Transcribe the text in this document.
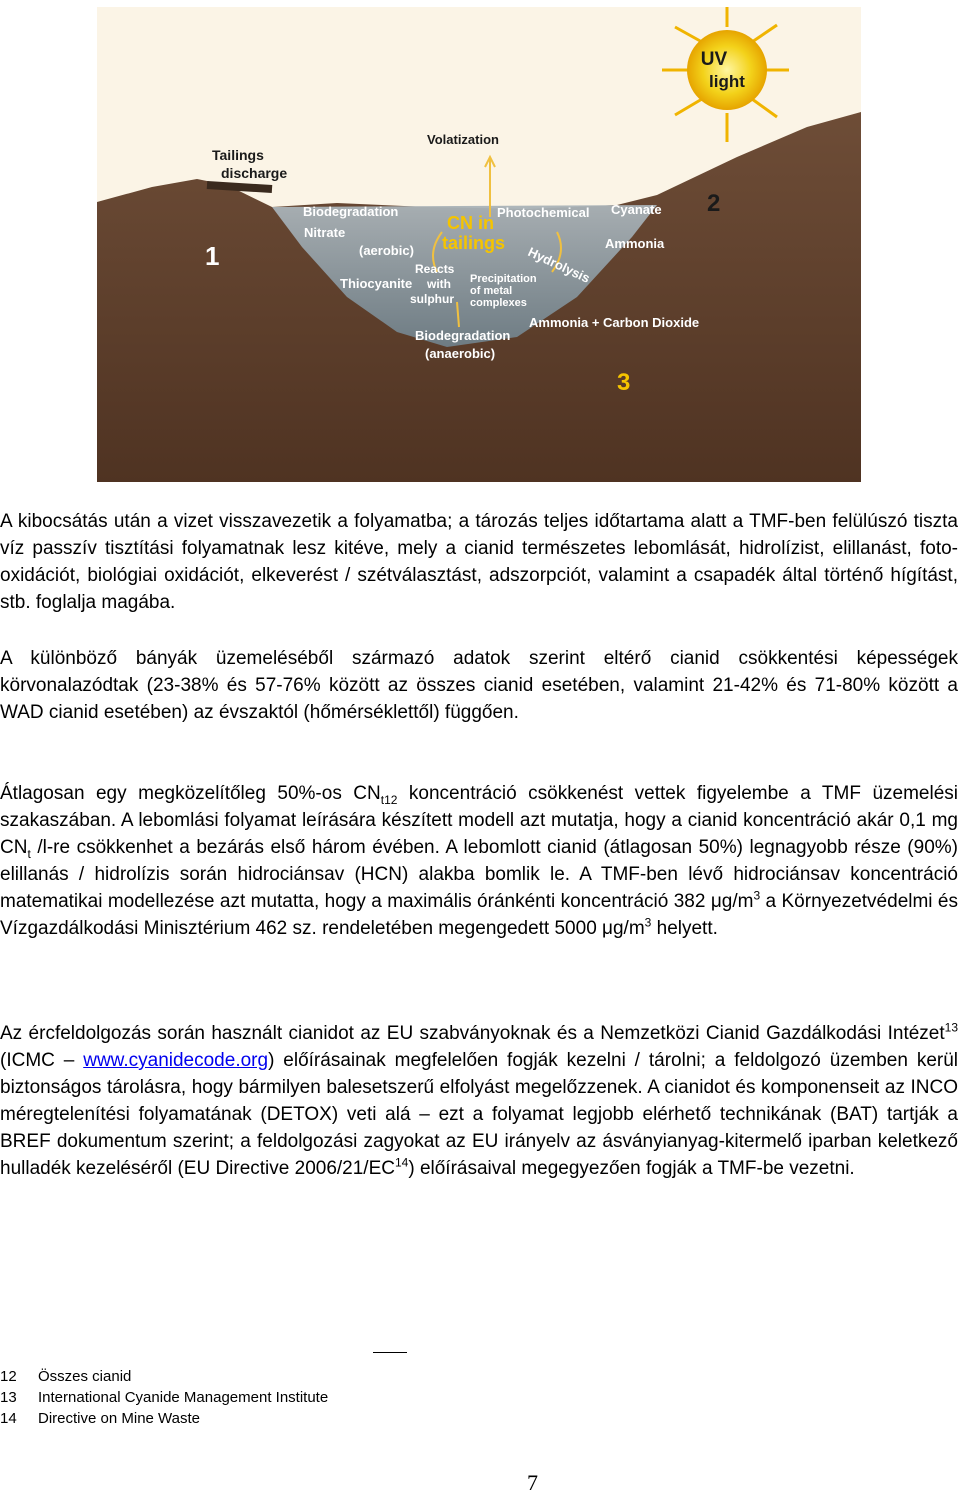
UV
light
Tailings
discharge
Volatization
Biodegradation
Nitrate
(aerobic)
Thiocyanite
Reacts
with
sulphur
CN in
tailings
Photochemical Cyanate
Ammonia
Hydrolysis
Precipitation
of metal
complexes
Ammonia + Carbon Dioxide
Biodegradation
(anaerobic)
1
2
3

A kibocsátás után a vizet visszavezetik a folyamatba; a tározás teljes időtartama alatt a TMF-ben felülúszó tiszta víz passzív tisztítási folyamatnak lesz kitéve, mely a cianid természetes lebomlását, hidrolízist, elillanást, foto-oxidációt, biológiai oxidációt, elkeverést / szétválasztást, adszorpciót, valamint a csapadék által történő hígítást, stb. foglalja magába.

A különböző bányák üzemeléséből származó adatok szerint eltérő cianid csökkentési képességek körvonalazódtak (23-38% és 57-76% között az összes cianid esetében, valamint 21-42% és 71-80% között a WAD cianid esetében) az évszaktól (hőmérséklettől) függően.

Átlagosan egy megközelítőleg 50%-os $CN_{t12}$ koncentráció csökkenést vettek figyelembe a TMF üzemelési szakaszában. A lebomlási folyamat leírására készített modell azt mutatja, hogy a cianid koncentráció akár 0,1 mg $CN_t$ /l-re csökkenhet a bezárás első három évében. A lebomlott cianid (átlagosan 50%) legnagyobb része (90%) elillanás / hidrolízis során hidrociánsav (HCN) alakba bomlik le. A TMF-ben lévő hidrociánsav koncentráció matematikai modellezése azt mutatta, hogy a maximális óránkénti koncentráció 382 $\mu g/m^3$ a Környezetvédelmi és Vízgazdálkodási Minisztérium 462 sz. rendeletében megengedett 5000 $\mu g/m^3$ helyett.

Az ércfeldolgozás során használt cianidot az EU szabványoknak és a Nemzetközi Cianid Gazdálkodási Intézet$^{13}$ (ICMC – www.cyanidecode.org) előírásainak megfelelően fogják kezelni / tárolni; a feldolgozó üzemben kerül biztonságos tárolásra, hogy bármilyen balesetszerű elfolyást megelőzzenek. A cianidot és komponenseit az INCO méregtelenítési folyamatának (DETOX) veti alá – ezt a folyamat legjobb elérhető technikának (BAT) tartják a BREF dokumentum szerint; a feldolgozási zagyokat az EU irányelv az ásványianyag-kitermelő iparban keletkező hulladék kezeléséről (EU Directive 2006/21/EC$^{14}$) előírásaival megegyezően fogják a TMF-be vezetni.

12 Összes cianid
13 International Cyanide Management Institute
14 Directive on Mine Waste
7
